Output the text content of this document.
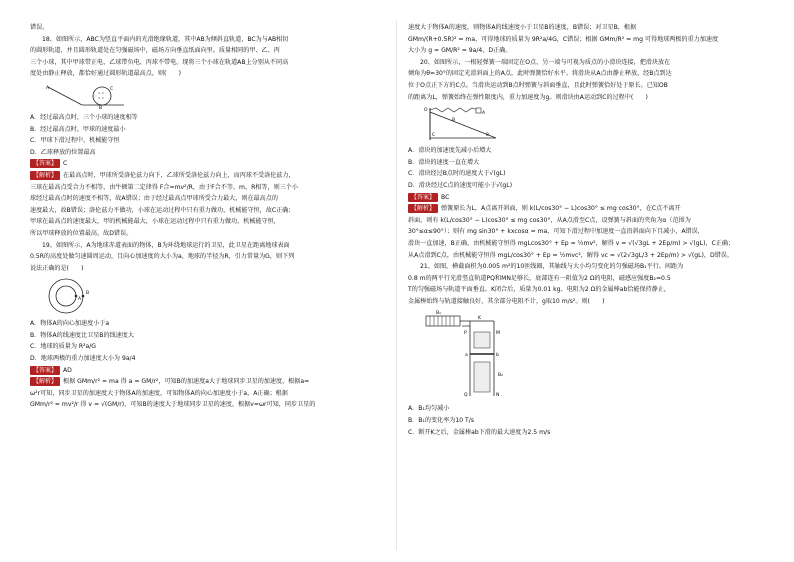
错误。

18、如图所示，ABC为竖直平面内的光滑绝缘轨道，其中AB为倾斜直轨道，BC为与AB相切

的圆形轨道，并且圆形轨道处在匀强磁场中，磁场方向垂直纸面向里。质量相同的甲、乙、丙

三个小球，其中甲球带正电、乙球带负电、丙球不带电。现将三个小球在轨道AB上分别从不同高

度处由静止释放，都恰好通过圆形轨道最高点，则(　　)

× ×
× ×
A
B
C

A．经过最高点时，三个小球的速度相等

B．经过最高点时，甲球的速度最小

C．甲球下滑过程中，机械能守恒

D．乙球释放的位置最高

【答案】 C

【解析】 在最高点时，甲球所受洛伦兹力向下，乙球所受洛伦兹力向上，而丙球不受洛伦兹力，

三球在最高点受合力不相等，由牛顿第二定律得 F合=mv²/R，由于F合不等，m、R相等，则三个小

球经过最高点时的速度不相等，故A错误；由于经过最高点甲球所受合力最大，则在最高点的

速度最大，故B错误；洛伦兹力不做功，小球在运动过程中只有重力做功，机械能守恒，故C正确；

甲球在最高点的速度最大，甲的机械能最大，小球在运动过程中只有重力做功，机械能守恒，

所以甲球释放的位置最高，故D错误。

19、如图所示，A为地球赤道表面的物体，B为环绕地球运行的卫星，此卫星在距离地球表面

0.5R的高度处做匀速圆周运动，且向心加速度的大小为a，地球的半径为R，引力常量为G，则下列

说法正确的是(　　)

A
B

A．物体A的向心加速度小于a

B．物体A的线速度比卫星B的线速度大

C．地球的质量为 R²a/G

D．地球两极的重力加速度大小为 9a/4

【答案】 AD

【解析】 根据 GMm/r² = ma 得 a = GM/r²，可知B的加速度a大于地球同步卫星的加速度，根据a=

ω²r可知，同步卫星的加速度大于物体A的加速度，可知物体A的向心加速度小于a，A正确；根据

GMm/r² = mv²/r 得 v = √(GM/r)，可知B的速度大于地球同步卫星的速度，根据v=ωr可知，同步卫星的

速度大于物体A的速度，则物体A的线速度小于卫星B的速度，B错误；对卫星B，根据

GMm/(R+0.5R)² = ma，可得地球的质量为 9R²a/4G，C错误；根据 GMm/R² = mg 可得地球两极的重力加速度

大小为 g = GM/R² = 9a/4，D正确。

20、如图所示，一根轻弹簧一端固定在O点，另一端与可视为质点的小滑块连接，把滑块放在

倾角为θ=30°的固定光滑斜面上的A点，此时弹簧恰好水平。将滑块从A点由静止释放，经B点到达

位于O点正下方的C点。当滑块运动到B点时弹簧与斜面垂直，且此时弹簧恰好处于原长。已知OB

的距离为L，弹簧始终在弹性限度内，重力加速度为g。则滑块由A运动到C的过程中(　　)

O
A
B
C	θ

A．滑块的加速度先减小后增大

B．滑块的速度一直在增大

C．滑块经过B点时的速度大于√(gL)

D．滑块经过C点的速度可能小于√(gL)

【答案】 BC

【解析】 弹簧原长为L，A点离开斜面，则 k(L/cos30° − L)cos30° ≤ mg cos30°，在C点不离开

斜面，则有 k(L/cos30° − L)cos30° ≤ mg cos30°，从A点滑至C点，设弹簧与斜面的夹角为α（范围为

30°≤α≤90°）；则有 mg sin30° + kxcosα = ma，可知下滑过程中加速度一直沿斜面向下且减小，A错误，

滑块一直加速，B正确，由机械能守恒得 mgLcos30° + Ep = ½mv²，解得 v = √(√3gL + 2Ep/m) > √(gL)，C正确；

从A点滑到C点，由机械能守恒得 mgL/cos30° + Ep = ½mvc²，解得 vc = √(2√3gL/3 + 2Ep/m) > √(gL)，D错误。

21、如图，横截面积为0.005 m²的10匝线圈，其轴线与大小均匀变化的匀强磁场B₁平行。间距为

0.8 m的两平行光滑竖直轨道PQ和MN足够长，底部连有一阻值为2 Ω的电阻，磁感应强度B₂=0.5

T的匀强磁场与轨道平面垂直。K闭合后，质量为0.01 kg、电阻为2 Ω的金属棒ab恰能保持静止，

金属棒始终与轨道接触良好，其余部分电阻不计，g取10 m/s²。则(　　)

B₁
K
P	M
Q	N
a	b
B₂

A．B₁均匀减小

B．B₁的变化率为10 T/s

C．断开K之后，金属棒ab下滑的最大速度为2.5 m/s
